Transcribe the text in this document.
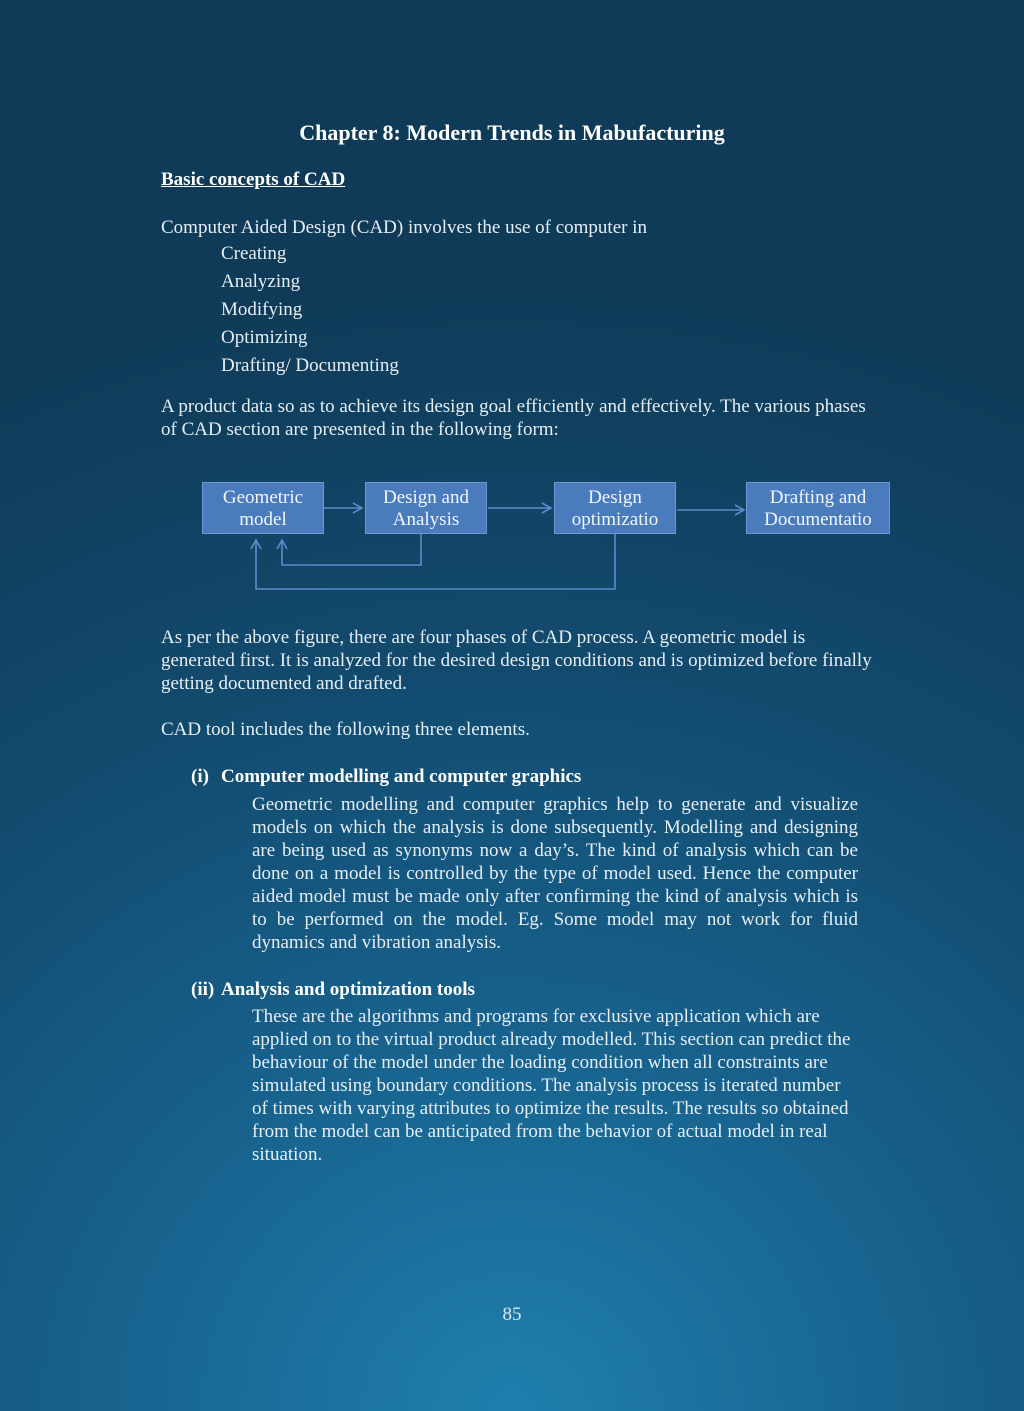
Chapter 8: Modern Trends in Mabufacturing
Basic concepts of CAD
Computer Aided Design (CAD) involves the use of computer in
Creating
Analyzing
Modifying
Optimizing
Drafting/ Documenting
A product data so as to achieve its design goal efficiently and effectively. The various phases of CAD section are presented in the following form:
Geometric
model
Design and
Analysis
Design
optimizatio
Drafting and
Documentatio
As per the above figure, there are four phases of CAD process. A geometric model is generated first. It is analyzed for the desired design conditions and is optimized before finally getting documented and drafted.
CAD tool includes the following three elements.
(i) Computer modelling and computer graphics
Geometric modelling and computer graphics help to generate and visualize models on which the analysis is done subsequently. Modelling and designing are being used as synonyms now a day’s. The kind of analysis which can be done on a model is controlled by the type of model used. Hence the computer aided model must be made only after confirming the kind of analysis which is to be performed on the model. Eg. Some model may not work for fluid dynamics and vibration analysis.
(ii) Analysis and optimization tools
These are the algorithms and programs for exclusive application which are applied on to the virtual product already modelled. This section can predict the behaviour of the model under the loading condition when all constraints are simulated using boundary conditions. The analysis process is iterated number of times with varying attributes to optimize the results. The results so obtained from the model can be anticipated from the behavior of actual model in real situation.
85
